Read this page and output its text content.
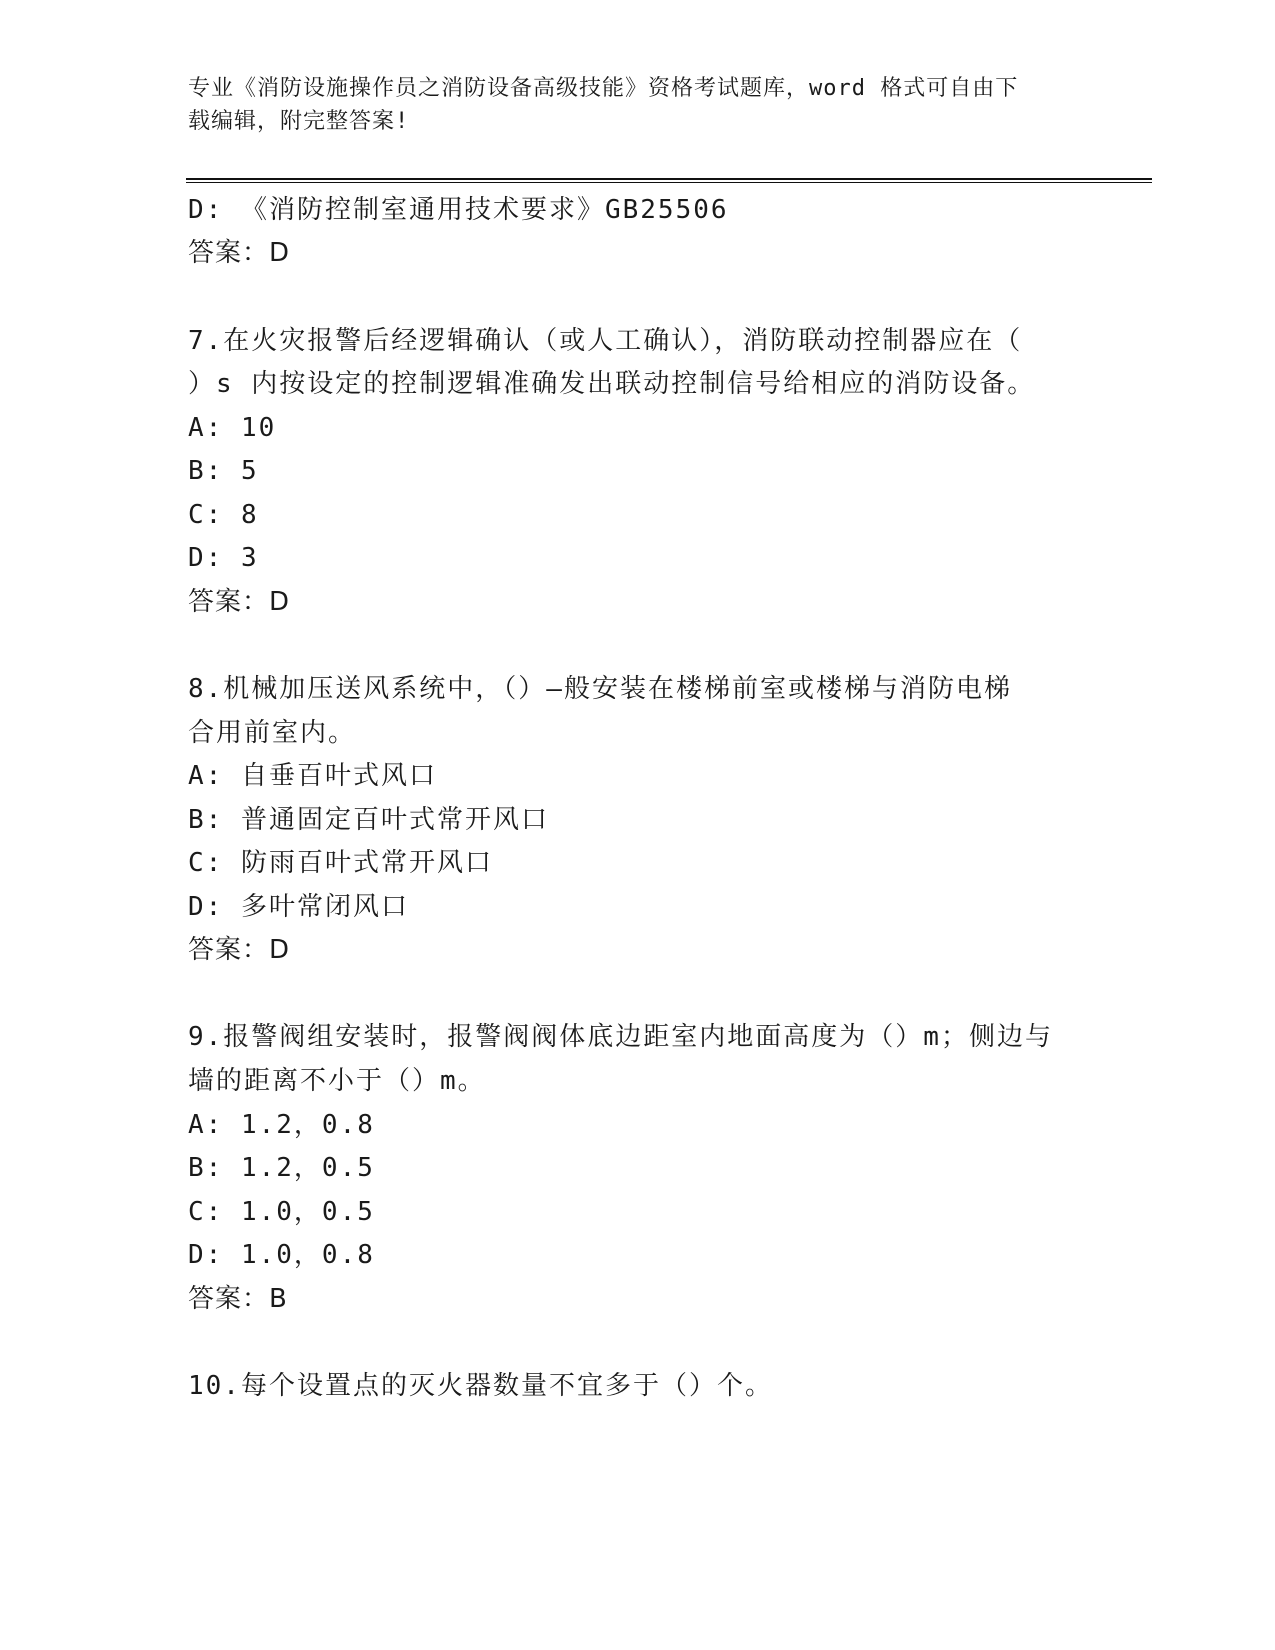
专业《消防设施操作员之消防设备高级技能》资格考试题库，word 格式可自由下
载编辑，附完整答案!
D: 《消防控制室通用技术要求》GB25506
答案：D
7.在火灾报警后经逻辑确认（或人工确认），消防联动控制器应在（
）s 内按设定的控制逻辑准确发出联动控制信号给相应的消防设备。
A: 10
B: 5
C: 8
D: 3
答案：D
8.机械加压送风系统中，（）—般安装在楼梯前室或楼梯与消防电梯
合用前室内。
A: 自垂百叶式风口
B: 普通固定百叶式常开风口
C: 防雨百叶式常开风口
D: 多叶常闭风口
答案：D
9.报警阀组安装时，报警阀阀体底边距室内地面高度为（）m；侧边与
墙的距离不小于（）m。
A: 1.2，0.8
B: 1.2，0.5
C: 1.0，0.5
D: 1.0，0.8
答案：B
10.每个设置点的灭火器数量不宜多于（）个。
